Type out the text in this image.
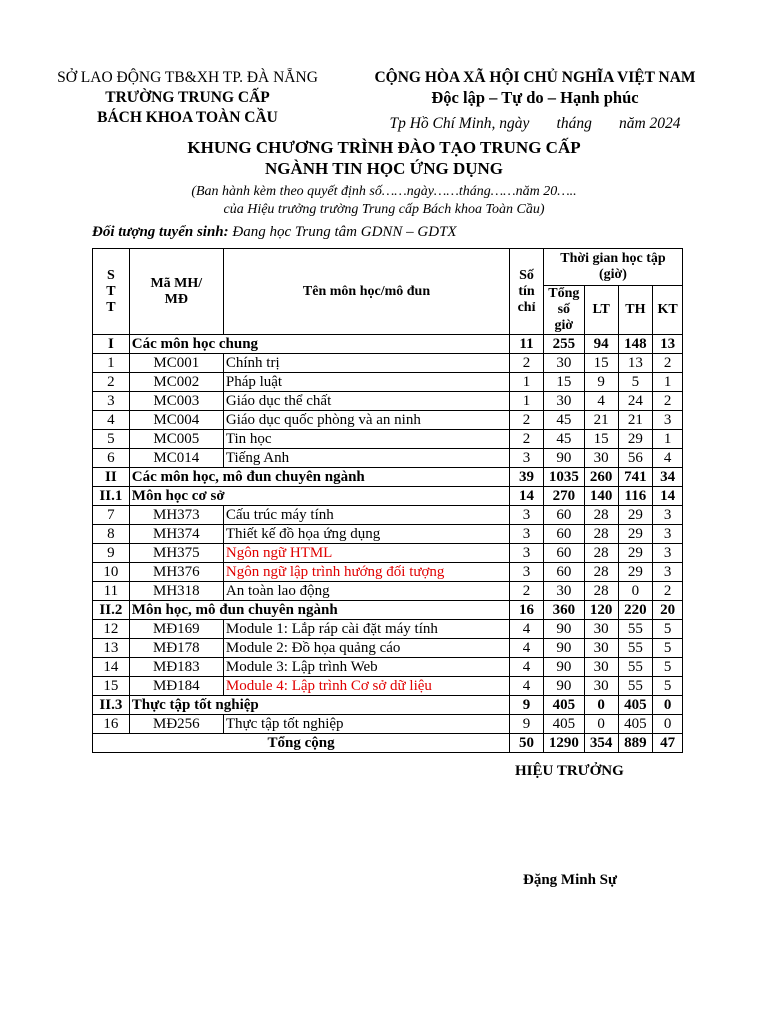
SỞ LAO ĐỘNG TB&XH TP. ĐÀ NẴNG
TRƯỜNG TRUNG CẤP
BÁCH KHOA TOÀN CẦU
CỘNG HÒA XÃ HỘI CHỦ NGHĨA VIỆT NAM
Độc lập – Tự do – Hạnh phúc
Tp Hồ Chí Minh, ngày       tháng       năm 2024
KHUNG CHƯƠNG TRÌNH ĐÀO TẠO TRUNG CẤP
NGÀNH TIN HỌC ỨNG DỤNG
(Ban hành kèm theo quyết định số……ngày……tháng……năm 20…..
của Hiệu trưởng trường Trung cấp Bách khoa Toàn Cầu)
Đối tượng tuyển sinh: Đang học Trung tâm GDNN – GDTX
S T T	Mã MH/ MĐ	Tên môn học/mô đun	Số tín chỉ	Thời gian học tập (giờ)			
				Tổng số giờ	LT	TH	KT
I	Các môn học chung		11	255	94	148	13
1	MC001	Chính trị	2	30	15	13	2
2	MC002	Pháp luật	1	15	9	5	1
3	MC003	Giáo dục thể chất	1	30	4	24	2
4	MC004	Giáo dục quốc phòng và an ninh	2	45	21	21	3
5	MC005	Tin học	2	45	15	29	1
6	MC014	Tiếng Anh	3	90	30	56	4
II	Các môn học, mô đun chuyên ngành		39	1035	260	741	34
II.1	Môn học cơ sở		14	270	140	116	14
7	MH373	Cấu trúc máy tính	3	60	28	29	3
8	MH374	Thiết kế đồ họa ứng dụng	3	60	28	29	3
9	MH375	Ngôn ngữ HTML	3	60	28	29	3
10	MH376	Ngôn ngữ lập trình hướng đối tượng	3	60	28	29	3
11	MH318	An toàn lao động	2	30	28	0	2
II.2	Môn học, mô đun chuyên ngành		16	360	120	220	20
12	MĐ169	Module 1: Lắp ráp cài đặt máy tính	4	90	30	55	5
13	MĐ178	Module 2: Đồ họa quảng cáo	4	90	30	55	5
14	MĐ183	Module 3: Lập trình Web	4	90	30	55	5
15	MĐ184	Module 4: Lập trình Cơ sở dữ liệu	4	90	30	55	5
II.3	Thực tập tốt nghiệp		9	405	0	405	0
16	MĐ256	Thực tập tốt nghiệp	9	405	0	405	0
Tổng cộng			50	1290	354	889	47
HIỆU TRƯỞNG
Đặng Minh Sự
